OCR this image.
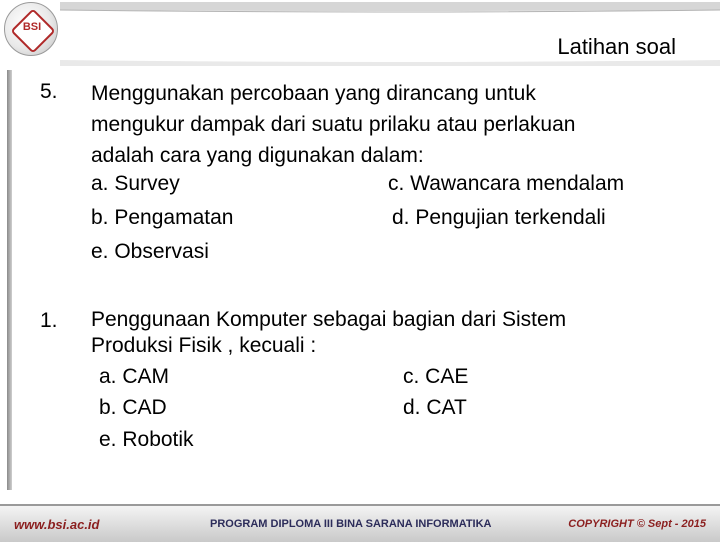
BSI
Latihan soal
5. Menggunakan percobaan yang dirancang untuk
mengukur dampak dari suatu prilaku atau perlakuan
adalah cara yang digunakan dalam:
a. Survey	c. Wawancara mendalam
b. Pengamatan	d. Pengujian terkendali
e. Observasi
1. Penggunaan Komputer sebagai bagian dari Sistem
Produksi Fisik , kecuali :
a. CAM	c. CAE
b. CAD	d. CAT
e. Robotik
www.bsi.ac.id	PROGRAM DIPLOMA III BINA SARANA INFORMATIKA	COPYRIGHT © Sept - 2015
